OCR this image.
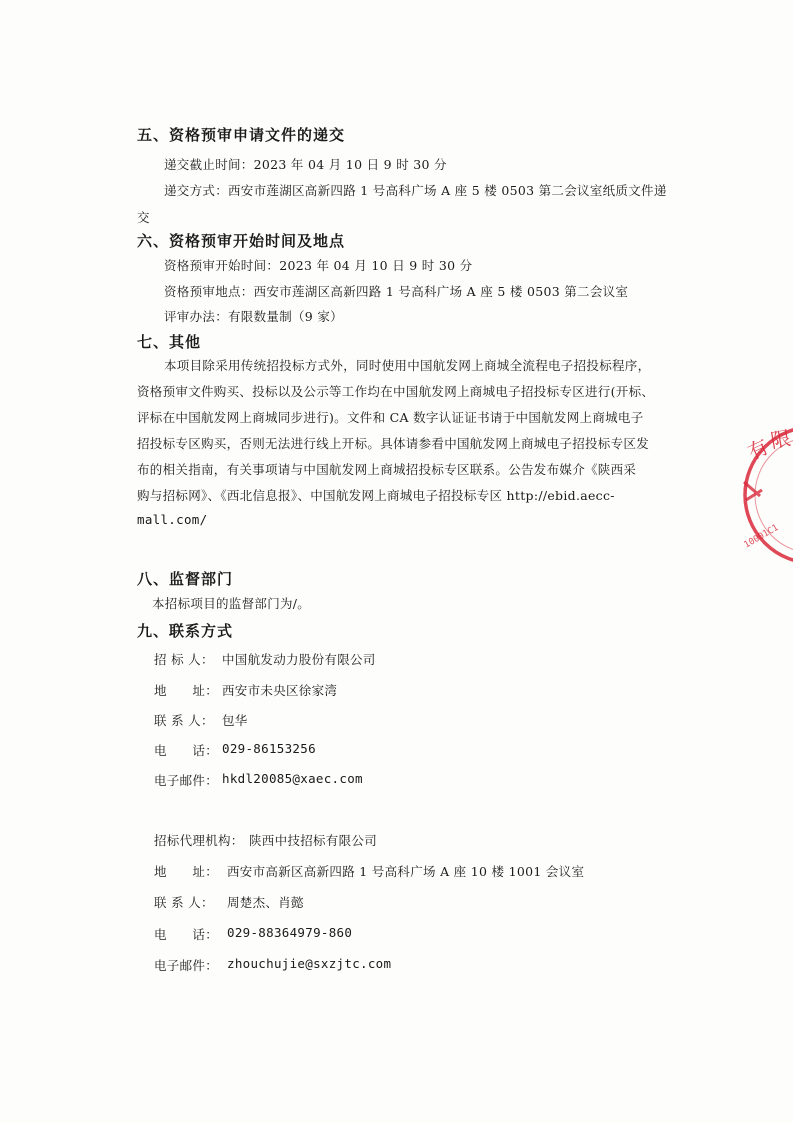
五、资格预审申请文件的递交
递交截止时间：2023 年 04 月 10 日 9 时 30 分
递交方式：西安市莲湖区高新四路 1 号高科广场 A 座 5 楼 0503 第二会议室纸质文件递
交
六、资格预审开始时间及地点
资格预审开始时间：2023 年 04 月 10 日 9 时 30 分
资格预审地点：西安市莲湖区高新四路 1 号高科广场 A 座 5 楼 0503 第二会议室
评审办法：有限数量制（9 家）
七、其他
本项目除采用传统招投标方式外，同时使用中国航发网上商城全流程电子招投标程序，
资格预审文件购买、投标以及公示等工作均在中国航发网上商城电子招投标专区进行(开标、
评标在中国航发网上商城同步进行)。文件和 CA 数字认证证书请于中国航发网上商城电子
招投标专区购买，否则无法进行线上开标。具体请参看中国航发网上商城电子招投标专区发
布的相关指南，有关事项请与中国航发网上商城招投标专区联系。公告发布媒介《陕西采
购与招标网》、《西北信息报》、中国航发网上商城电子招投标专区 http://ebid.aecc-
mall.com/
八、监督部门
本招标项目的监督部门为/。
九、联系方式
招 标 人： 中国航发动力股份有限公司
地　　址： 西安市未央区徐家湾
联 系 人： 包华
电　　话： 029-86153256
电子邮件： hkdl20085@xaec.com
招标代理机构： 陕西中技招标有限公司
地　　址： 西安市高新区高新四路 1 号高科广场 A 座 10 楼 1001 会议室
联 系 人： 周楚杰、肖懿
电　　话： 029-88364979-860
电子邮件： zhouchujie@sxzjtc.com
有
限
10001C1
